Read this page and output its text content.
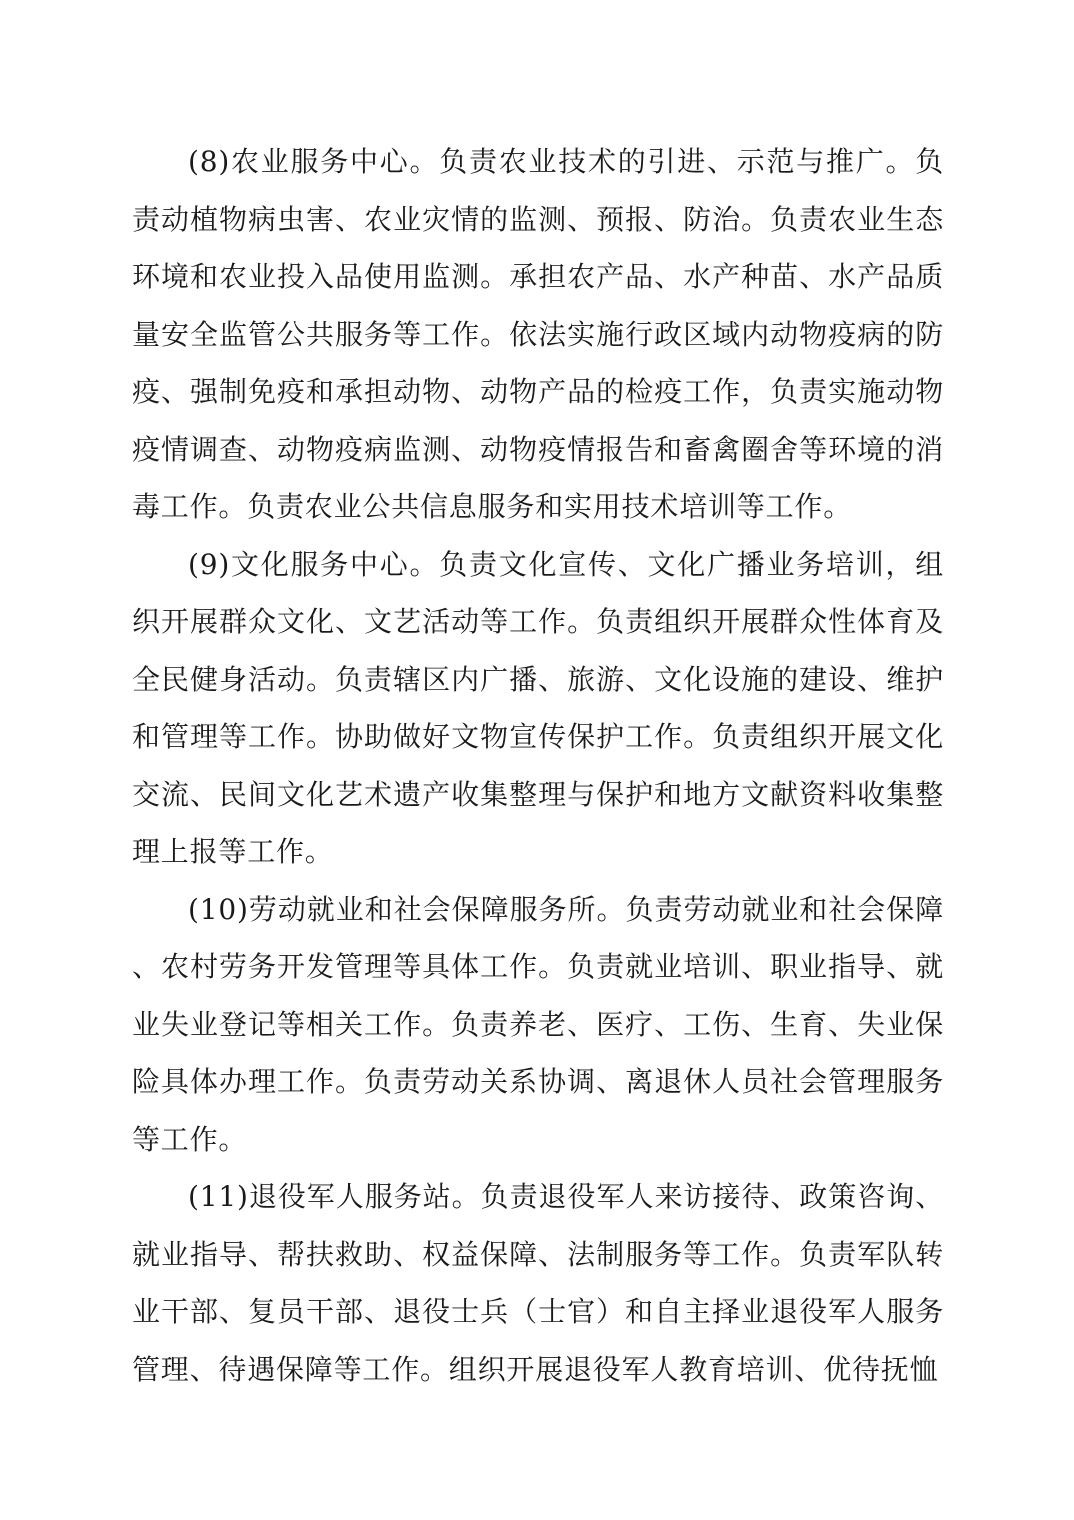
(8)农业服务中心。负责农业技术的引进、示范与推广。负责动植物病虫害、农业灾情的监测、预报、防治。负责农业生态环境和农业投入品使用监测。承担农产品、水产种苗、水产品质量安全监管公共服务等工作。依法实施行政区域内动物疫病的防疫、强制免疫和承担动物、动物产品的检疫工作，负责实施动物疫情调查、动物疫病监测、动物疫情报告和畜禽圈舍等环境的消毒工作。负责农业公共信息服务和实用技术培训等工作。

(9)文化服务中心。负责文化宣传、文化广播业务培训，组织开展群众文化、文艺活动等工作。负责组织开展群众性体育及全民健身活动。负责辖区内广播、旅游、文化设施的建设、维护和管理等工作。协助做好文物宣传保护工作。负责组织开展文化交流、民间文化艺术遗产收集整理与保护和地方文献资料收集整理上报等工作。

(10)劳动就业和社会保障服务所。负责劳动就业和社会保障、农村劳务开发管理等具体工作。负责就业培训、职业指导、就业失业登记等相关工作。负责养老、医疗、工伤、生育、失业保险具体办理工作。负责劳动关系协调、离退休人员社会管理服务等工作。

(11)退役军人服务站。负责退役军人来访接待、政策咨询、就业指导、帮扶救助、权益保障、法制服务等工作。负责军队转业干部、复员干部、退役士兵（士官）和自主择业退役军人服务管理、待遇保障等工作。组织开展退役军人教育培训、优待抚恤
